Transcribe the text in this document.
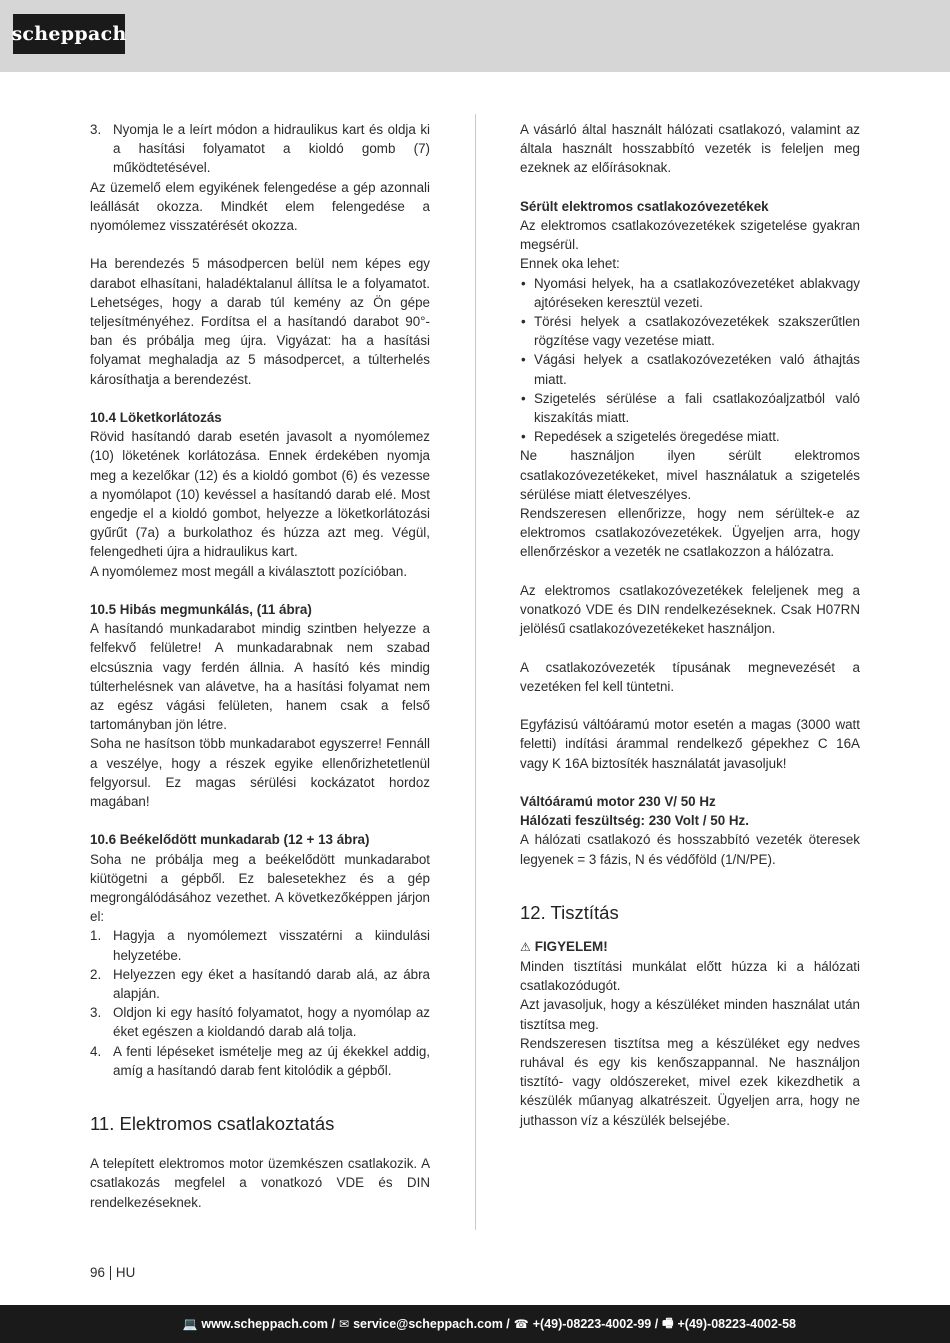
scheppach
3. Nyomja le a leírt módon a hidraulikus kart és oldja ki a hasítási folyamatot a kioldó gomb (7) működtetésével.

Az üzemelő elem egyikének felengedése a gép azonnali leállását okozza. Mindkét elem felengedése a nyomólemez visszatérését okozza.

Ha berendezés 5 másodpercen belül nem képes egy darabot elhasítani, haladéktalanul állítsa le a folyamatot. Lehetséges, hogy a darab túl kemény az Ön gépe teljesítményéhez. Fordítsa el a hasítandó darabot 90°-ban és próbálja meg újra. Vigyázat: ha a hasítási folyamat meghaladja az 5 másodpercet, a túlterhelés károsíthatja a berendezést.

10.4 Löketkorlátozás

Rövid hasítandó darab esetén javasolt a nyomólemez (10) löketének korlátozása. Ennek érdekében nyomja meg a kezelőkar (12) és a kioldó gombot (6) és vezesse a nyomólapot (10) kevéssel a hasítandó darab elé. Most engedje el a kioldó gombot, helyezze a löketkorlátozási gyűrűt (7a) a burkolathoz és húzza azt meg. Végül, felengedheti újra a hidraulikus kart.

A nyomólemez most megáll a kiválasztott pozícióban.

10.5 Hibás megmunkálás, (11 ábra)

A hasítandó munkadarabot mindig szintben helyezze a felfekvő felületre! A munkadarabnak nem szabad elcsúsznia vagy ferdén állnia. A hasító kés mindig túlterhelésnek van alávetve, ha a hasítási folyamat nem az egész vágási felületen, hanem csak a felső tartományban jön létre.

Soha ne hasítson több munkadarabot egyszerre! Fennáll a veszélye, hogy a részek egyike ellenőrizhetetlenül felgyorsul. Ez magas sérülési kockázatot hordoz magában!

10.6 Beékelődött munkadarab (12 + 13 ábra)

Soha ne próbálja meg a beékelődött munkadarabot kiütögetni a gépből. Ez balesetekhez és a gép megrongálódásához vezethet. A következőképpen járjon el:

1. Hagyja a nyomólemezt visszatérni a kiindulási helyzetébe.
2. Helyezzen egy éket a hasítandó darab alá, az ábra alapján.
3. Oldjon ki egy hasító folyamatot, hogy a nyomólap az éket egészen a kioldandó darab alá tolja.
4. A fenti lépéseket ismételje meg az új ékekkel addig, amíg a hasítandó darab fent kitolódik a gépből.
11. Elektromos csatlakoztatás

A telepített elektromos motor üzemkészen csatlakozik. A csatlakozás megfelel a vonatkozó VDE és DIN rendelkezéseknek.

A vásárló által használt hálózati csatlakozó, valamint az általa használt hosszabbító vezeték is feleljen meg ezeknek az előírásoknak.

Sérült elektromos csatlakozóvezetékek

Az elektromos csatlakozóvezetékek szigetelése gyakran megsérül.

Ennek oka lehet:

• Nyomási helyek, ha a csatlakozóvezetéket ablakvagy ajtóréseken keresztül vezeti.
• Törési helyek a csatlakozóvezetékek szakszerűtlen rögzítése vagy vezetése miatt.
• Vágási helyek a csatlakozóvezetéken való áthajtás miatt.
• Szigetelés sérülése a fali csatlakozóaljzatból való kiszakítás miatt.
• Repedések a szigetelés öregedése miatt.

Ne használjon ilyen sérült elektromos csatlakozóvezetékeket, mivel használatuk a szigetelés sérülése miatt életveszélyes.

Rendszeresen ellenőrizze, hogy nem sérültek-e az elektromos csatlakozóvezetékek. Ügyeljen arra, hogy ellenőrzéskor a vezeték ne csatlakozzon a hálózatra.

Az elektromos csatlakozóvezetékek feleljenek meg a vonatkozó VDE és DIN rendelkezéseknek. Csak H07RN jelölésű csatlakozóvezetékeket használjon.

A csatlakozóvezeték típusának megnevezését a vezetéken fel kell tüntetni.

Egyfázisú váltóáramú motor esetén a magas (3000 watt feletti) indítási árammal rendelkező gépekhez C 16A vagy K 16A biztosíték használatát javasoljuk!

Váltóáramú motor 230 V/ 50 Hz

Hálózati feszültség: 230 Volt / 50 Hz.

A hálózati csatlakozó és hosszabbító vezeték öteresek legyenek = 3 fázis, N és védőföld (1/N/PE).

12. Tisztítás

⚠ FIGYELEM!

Minden tisztítási munkálat előtt húzza ki a hálózati csatlakozódugót.

Azt javasoljuk, hogy a készüléket minden használat után tisztítsa meg.

Rendszeresen tisztítsa meg a készüléket egy nedves ruhával és egy kis kenőszappannal. Ne használjon tisztító- vagy oldószereket, mivel ezek kikezdhetik a készülék műanyag alkatrészeit. Ügyeljen arra, hogy ne juthasson víz a készülék belsejébe.

96 HU
💻 www.scheppach.com / ✉ service@scheppach.com / ☎ +(49)-08223-4002-99 / 🖷 +(49)-08223-4002-58
